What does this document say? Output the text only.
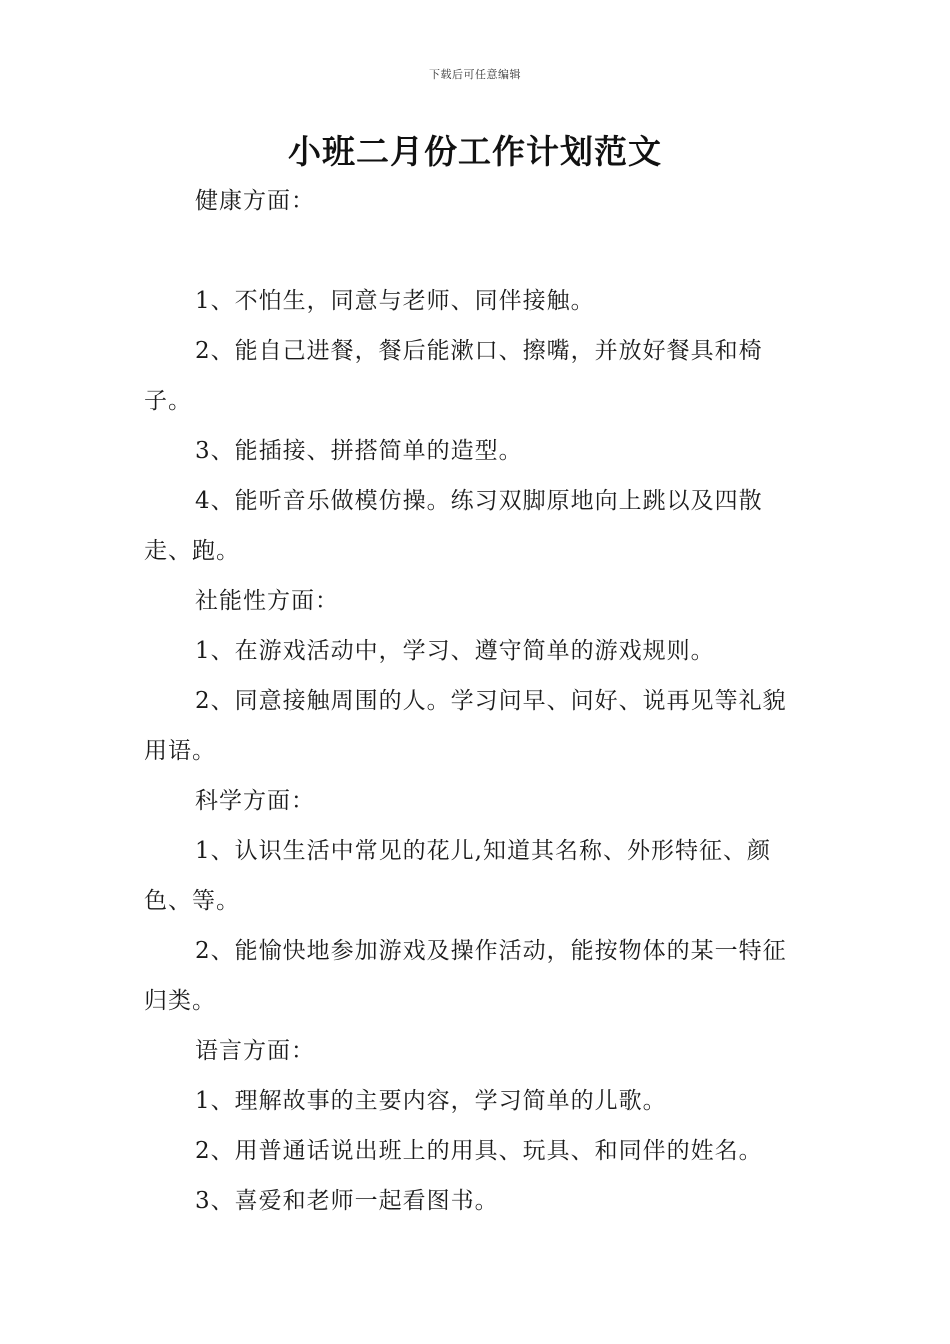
下载后可任意编辑
小班二月份工作计划范文

健康方面：

1、不怕生，同意与老师、同伴接触。

2、能自己进餐，餐后能漱口、擦嘴，并放好餐具和椅子。

3、能插接、拼搭简单的造型。

4、能听音乐做模仿操。练习双脚原地向上跳以及四散走、跑。

社能性方面：

1、在游戏活动中，学习、遵守简单的游戏规则。

2、同意接触周围的人。学习问早、问好、说再见等礼貌用语。

科学方面：

1、认识生活中常见的花儿,知道其名称、外形特征、颜色、等。

2、能愉快地参加游戏及操作活动，能按物体的某一特征归类。

语言方面：

1、理解故事的主要内容，学习简单的儿歌。

2、用普通话说出班上的用具、玩具、和同伴的姓名。

3、喜爱和老师一起看图书。
